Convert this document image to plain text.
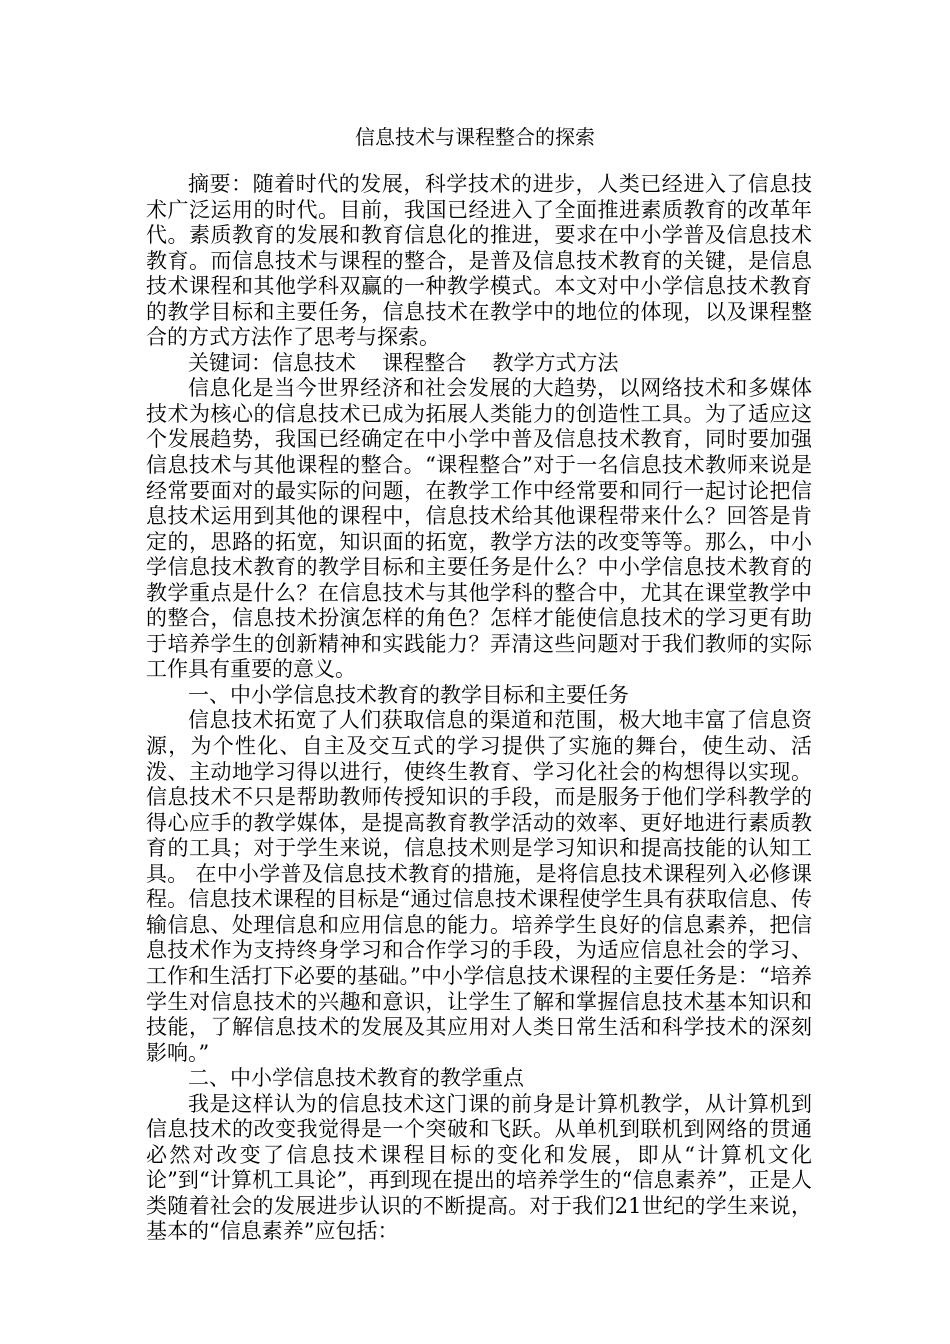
信息技术与课程整合的探索

摘要：随着时代的发展，科学技术的进步，人类已经进入了信息技术广泛运用的时代。目前，我国已经进入了全面推进素质教育的改革年代。素质教育的发展和教育信息化的推进，要求在中小学普及信息技术教育。而信息技术与课程的整合，是普及信息技术教育的关键，是信息技术课程和其他学科双赢的一种教学模式。本文对中小学信息技术教育的教学目标和主要任务，信息技术在教学中的地位的体现，以及课程整合的方式方法作了思考与探索。

关键词：信息技术 课程整合 教学方式方法

信息化是当今世界经济和社会发展的大趋势，以网络技术和多媒体技术为核心的信息技术已成为拓展人类能力的创造性工具。为了适应这个发展趋势，我国已经确定在中小学中普及信息技术教育，同时要加强信息技术与其他课程的整合。“课程整合”对于一名信息技术教师来说是经常要面对的最实际的问题，在教学工作中经常要和同行一起讨论把信息技术运用到其他的课程中，信息技术给其他课程带来什么？回答是肯定的，思路的拓宽，知识面的拓宽，教学方法的改变等等。那么，中小学信息技术教育的教学目标和主要任务是什么？中小学信息技术教育的教学重点是什么？在信息技术与其他学科的整合中，尤其在课堂教学中的整合，信息技术扮演怎样的角色？怎样才能使信息技术的学习更有助于培养学生的创新精神和实践能力？弄清这些问题对于我们教师的实际工作具有重要的意义。

一、中小学信息技术教育的教学目标和主要任务

信息技术拓宽了人们获取信息的渠道和范围，极大地丰富了信息资源，为个性化、自主及交互式的学习提供了实施的舞台，使生动、活泼、主动地学习得以进行，使终生教育、学习化社会的构想得以实现。信息技术不只是帮助教师传授知识的手段，而是服务于他们学科教学的得心应手的教学媒体，是提高教育教学活动的效率、更好地进行素质教育的工具；对于学生来说，信息技术则是学习知识和提高技能的认知工具。 在中小学普及信息技术教育的措施，是将信息技术课程列入必修课程。信息技术课程的目标是“通过信息技术课程使学生具有获取信息、传输信息、处理信息和应用信息的能力。培养学生良好的信息素养，把信息技术作为支持终身学习和合作学习的手段，为适应信息社会的学习、工作和生活打下必要的基础。”中小学信息技术课程的主要任务是：“培养学生对信息技术的兴趣和意识，让学生了解和掌握信息技术基本知识和技能，了解信息技术的发展及其应用对人类日常生活和科学技术的深刻影响。”

二、中小学信息技术教育的教学重点

我是这样认为的信息技术这门课的前身是计算机教学，从计算机到信息技术的改变我觉得是一个突破和飞跃。从单机到联机到网络的贯通必然对改变了信息技术课程目标的变化和发展，即从“计算机文化论”到“计算机工具论”，再到现在提出的培养学生的“信息素养”，正是人类随着社会的发展进步认识的不断提高。对于我们21世纪的学生来说，基本的“信息素养”应包括：
